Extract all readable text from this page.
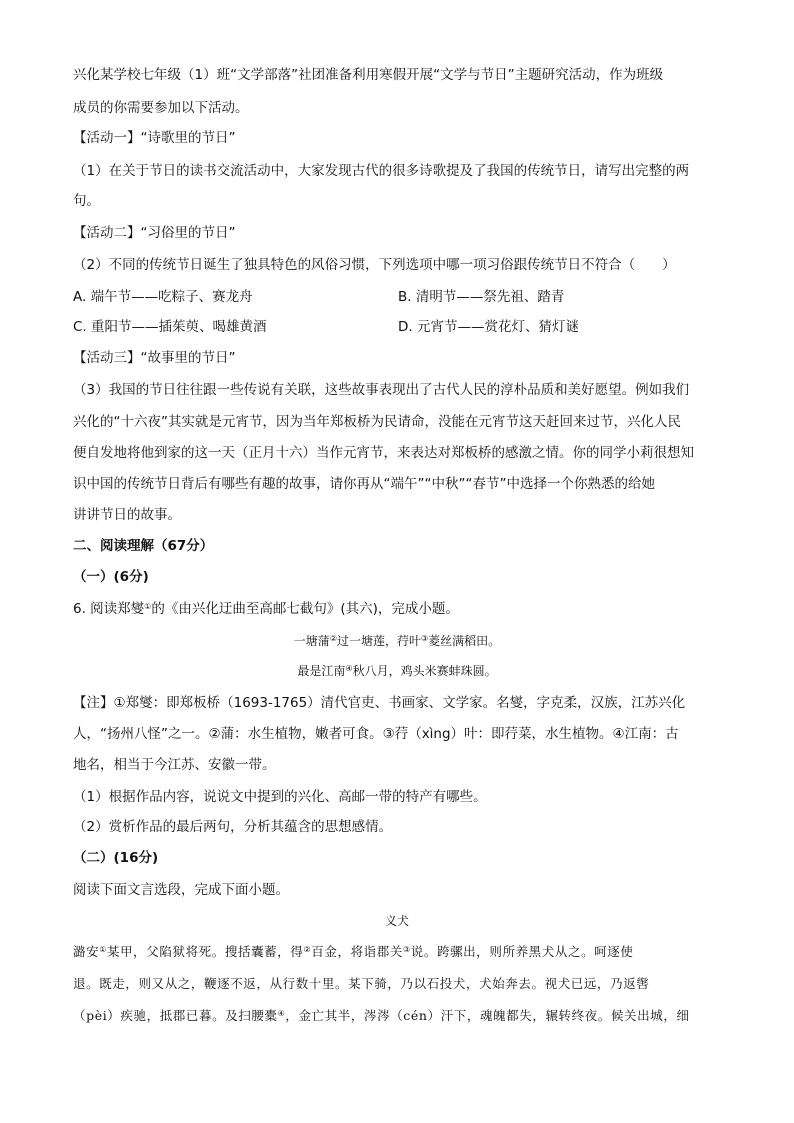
兴化某学校七年级（1）班“文学部落”社团准备利用寒假开展“文学与节日”主题研究活动，作为班级
成员的你需要参加以下活动。
【活动一】“诗歌里的节日”
（1）在关于节日的读书交流活动中，大家发现古代的很多诗歌提及了我国的传统节日，请写出完整的两
句。
【活动二】“习俗里的节日”
（2）不同的传统节日诞生了独具特色的风俗习惯，下列选项中哪一项习俗跟传统节日不符合（　　）
A. 端午节——吃粽子、赛龙舟	B. 清明节——祭先祖、踏青
C. 重阳节——插茱萸、喝雄黄酒	D. 元宵节——赏花灯、猜灯谜
【活动三】“故事里的节日”
（3）我国的节日往往跟一些传说有关联，这些故事表现出了古代人民的淳朴品质和美好愿望。例如我们
兴化的“十六夜”其实就是元宵节，因为当年郑板桥为民请命，没能在元宵节这天赶回来过节，兴化人民
便自发地将他到家的这一天（正月十六）当作元宵节，来表达对郑板桥的感激之情。你的同学小莉很想知
识中国的传统节日背后有哪些有趣的故事，请你再从“端午”“中秋”“春节”中选择一个你熟悉的给她
讲讲节日的故事。
二、阅读理解（67分）
（一）(6分)
6. 阅读郑燮①的《由兴化迂曲至高邮七截句》(其六)，完成小题。
一塘蒲②过一塘莲，荇叶③菱丝满稻田。
最是江南④秋八月，鸡头米赛蚌珠圆。
【注】①郑燮：即郑板桥（1693-1765）清代官吏、书画家、文学家。名燮，字克柔，汉族，江苏兴化
人，“扬州八怪”之一。②蒲：水生植物，嫩者可食。③荇（xìng）叶：即荇菜，水生植物。④江南：古
地名，相当于今江苏、安徽一带。
（1）根据作品内容，说说文中提到的兴化、高邮一带的特产有哪些。
（2）赏析作品的最后两句，分析其蕴含的思想感情。
（二）(16分)
阅读下面文言选段，完成下面小题。
义犬
潞安①某甲，父陷狱将死。搜括囊蓄，得②百金，将诣郡关③说。跨骡出，则所养黑犬从之。呵逐使
退。既走，则又从之，鞭逐不返，从行数十里。某下骑，乃以石投犬，犬始奔去。视犬已远，乃返辔
（pèi）疾驰，抵郡已暮。及扫腰橐④，金亡其半，涔涔（cén）汗下，魂魄都失，辗转终夜。候关出城，细
